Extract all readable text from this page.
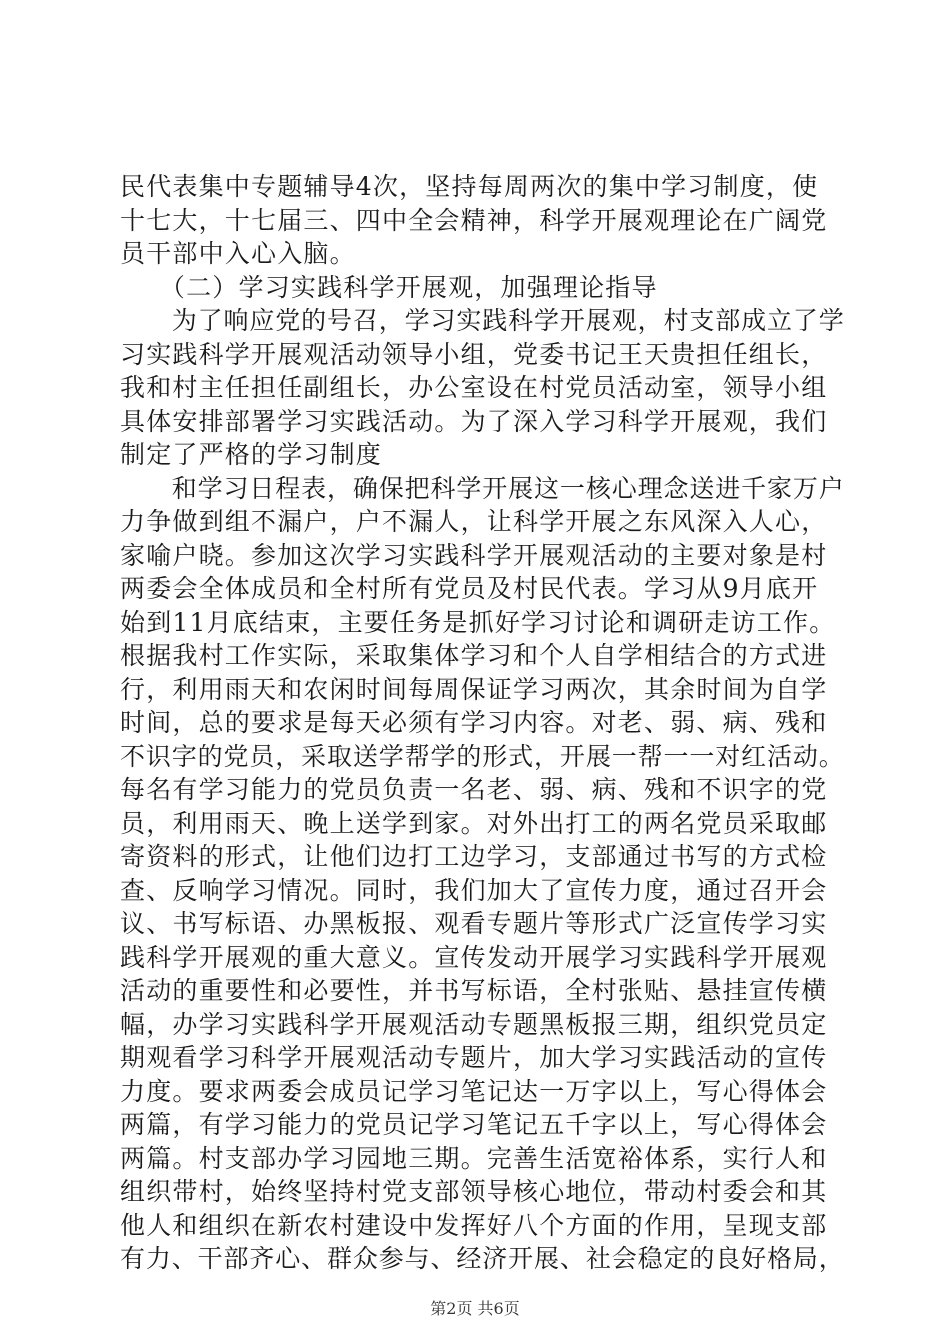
民代表集中专题辅导4次，坚持每周两次的集中学习制度，使
十七大，十七届三、四中全会精神，科学开展观理论在广阔党
员干部中入心入脑。
　　（二）学习实践科学开展观，加强理论指导
　　为了响应党的号召，学习实践科学开展观，村支部成立了学
习实践科学开展观活动领导小组，党委书记王天贵担任组长，
我和村主任担任副组长，办公室设在村党员活动室，领导小组
具体安排部署学习实践活动。为了深入学习科学开展观，我们
制定了严格的学习制度
　　和学习日程表，确保把科学开展这一核心理念送进千家万户
力争做到组不漏户，户不漏人，让科学开展之东风深入人心，
家喻户晓。参加这次学习实践科学开展观活动的主要对象是村
两委会全体成员和全村所有党员及村民代表。学习从9月底开
始到11月底结束，主要任务是抓好学习讨论和调研走访工作。
根据我村工作实际，采取集体学习和个人自学相结合的方式进
行，利用雨天和农闲时间每周保证学习两次，其余时间为自学
时间，总的要求是每天必须有学习内容。对老、弱、病、残和
不识字的党员，采取送学帮学的形式，开展一帮一一对红活动。
每名有学习能力的党员负责一名老、弱、病、残和不识字的党
员，利用雨天、晚上送学到家。对外出打工的两名党员采取邮
寄资料的形式，让他们边打工边学习，支部通过书写的方式检
查、反响学习情况。同时，我们加大了宣传力度，通过召开会
议、书写标语、办黑板报、观看专题片等形式广泛宣传学习实
践科学开展观的重大意义。宣传发动开展学习实践科学开展观
活动的重要性和必要性，并书写标语，全村张贴、悬挂宣传横
幅，办学习实践科学开展观活动专题黑板报三期，组织党员定
期观看学习科学开展观活动专题片，加大学习实践活动的宣传
力度。要求两委会成员记学习笔记达一万字以上，写心得体会
两篇，有学习能力的党员记学习笔记五千字以上，写心得体会
两篇。村支部办学习园地三期。完善生活宽裕体系，实行人和
组织带村，始终坚持村党支部领导核心地位，带动村委会和其
他人和组织在新农村建设中发挥好八个方面的作用，呈现支部
有力、干部齐心、群众参与、经济开展、社会稳定的良好格局，
第2页 共6页
